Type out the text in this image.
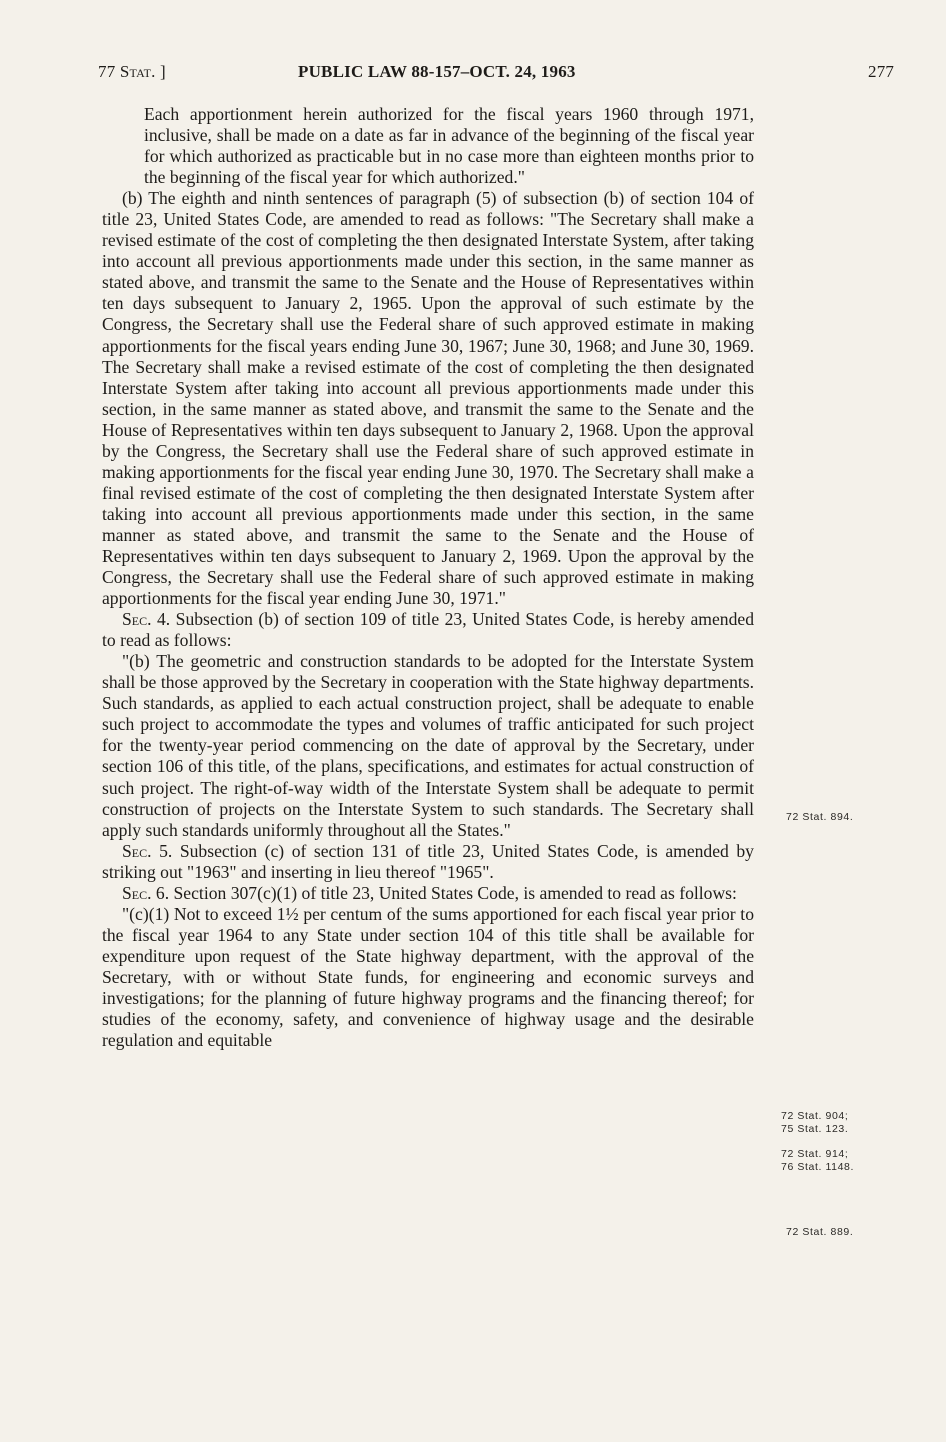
77 Stat. ]	PUBLIC LAW 88-157–OCT. 24, 1963	277

Each apportionment herein authorized for the fiscal years 1960 through 1971, inclusive, shall be made on a date as far in advance of the beginning of the fiscal year for which authorized as practicable but in no case more than eighteen months prior to the beginning of the fiscal year for which authorized."

(b) The eighth and ninth sentences of paragraph (5) of subsection (b) of section 104 of title 23, United States Code, are amended to read as follows: "The Secretary shall make a revised estimate of the cost of completing the then designated Interstate System, after taking into account all previous apportionments made under this section, in the same manner as stated above, and transmit the same to the Senate and the House of Representatives within ten days subsequent to January 2, 1965. Upon the approval of such estimate by the Congress, the Secretary shall use the Federal share of such approved estimate in making apportionments for the fiscal years ending June 30, 1967; June 30, 1968; and June 30, 1969. The Secretary shall make a revised estimate of the cost of completing the then designated Interstate System after taking into account all previous apportionments made under this section, in the same manner as stated above, and transmit the same to the Senate and the House of Representatives within ten days subsequent to January 2, 1968. Upon the approval by the Congress, the Secretary shall use the Federal share of such approved estimate in making apportionments for the fiscal year ending June 30, 1970. The Secretary shall make a final revised estimate of the cost of completing the then designated Interstate System after taking into account all previous apportionments made under this section, in the same manner as stated above, and transmit the same to the Senate and the House of Representatives within ten days subsequent to January 2, 1969. Upon the approval by the Congress, the Secretary shall use the Federal share of such approved estimate in making apportionments for the fiscal year ending June 30, 1971."

Sec. 4. Subsection (b) of section 109 of title 23, United States Code, is hereby amended to read as follows:

"(b) The geometric and construction standards to be adopted for the Interstate System shall be those approved by the Secretary in cooperation with the State highway departments. Such standards, as applied to each actual construction project, shall be adequate to enable such project to accommodate the types and volumes of traffic anticipated for such project for the twenty-year period commencing on the date of approval by the Secretary, under section 106 of this title, of the plans, specifications, and estimates for actual construction of such project. The right-of-way width of the Interstate System shall be adequate to permit construction of projects on the Interstate System to such standards. The Secretary shall apply such standards uniformly throughout all the States."

Sec. 5. Subsection (c) of section 131 of title 23, United States Code, is amended by striking out "1963" and inserting in lieu thereof "1965".

Sec. 6. Section 307(c)(1) of title 23, United States Code, is amended to read as follows:

"(c)(1) Not to exceed 1½ per centum of the sums apportioned for each fiscal year prior to the fiscal year 1964 to any State under section 104 of this title shall be available for expenditure upon request of the State highway department, with the approval of the Secretary, with or without State funds, for engineering and economic surveys and investigations; for the planning of future highway programs and the financing thereof; for studies of the economy, safety, and convenience of highway usage and the desirable regulation and equitable

72 Stat. 894.
72 Stat. 904;
75 Stat. 123.
72 Stat. 914;
76 Stat. 1148.
72 Stat. 889.
